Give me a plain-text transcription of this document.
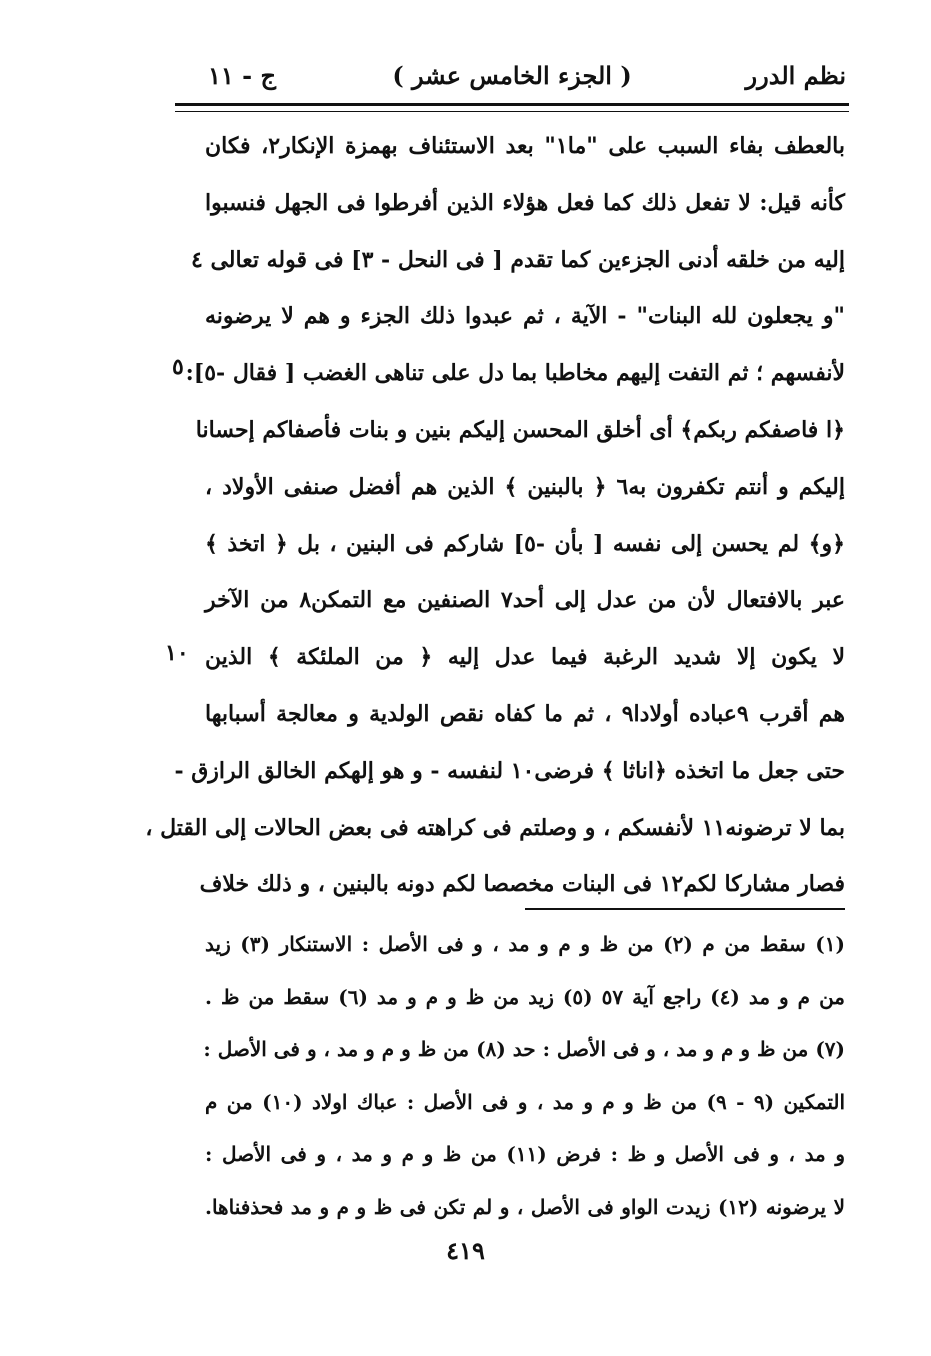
نظم الدرر
( الجزء الخامس عشر )
ج - ١١
بالعطف بفاء السبب على "ما١" بعد الاستئناف بهمزة الإنكار٢، فكان
كأنه قيل: لا تفعل ذلك كما فعل هؤلاء الذين أفرطوا فى الجهل فنسبوا
إليه من خلقه أدنى الجزءين كما تقدم [ فى النحل - ٣] فى قوله تعالى ٤
"و يجعلون لله البنات" - الآية ، ثم عبدوا ذلك الجزء و هم لا يرضونه
لأنفسهم ؛ ثم التفت إليهم مخاطبا بما دل على تناهى الغضب [ فقال -٥]:
﴿ا فاصفكم ربكم﴾ أى أخلق المحسن إليكم بنين و بنات فأصفاكم إحسانا
إليكم و أنتم تكفرون به٦ ﴿ بالبنين ﴾ الذين هم أفضل صنفى الأولاد ،
﴿و﴾ لم يحسن إلى نفسه [ بأن -٥] شاركم فى البنين ، بل ﴿ اتخذ ﴾
عبر بالافتعال لأن من عدل إلى أحد٧ الصنفين مع التمكن٨ من الآخر
لا يكون إلا شديد الرغبة فيما عدل إليه ﴿ من الملئكة ﴾ الذين
هم أقرب ٩عباده أولادا٩ ، ثم ما كفاه نقص الولدية و معالجة أسبابها
حتى جعل ما اتخذه ﴿اناثا ﴾ فرضى١٠ لنفسه - و هو إلهكم الخالق الرازق -
بما لا ترضونه١١ لأنفسكم ، و وصلتم فى كراهته فى بعض الحالات إلى القتل ،
فصار مشاركا لكم١٢ فى البنات مخصصا لكم دونه بالبنين ، و ذلك خلاف
٥
١٠
(١) سقط من م (٢) من ظ و م و مد ، و فى الأصل : الاستنكار (٣) زيد
من م و مد (٤) راجع آية ٥٧ (٥) زيد من ظ و م و مد (٦) سقط من ظ .
(٧) من ظ و م و مد ، و فى الأصل : حد (٨) من ظ و م و مد ، و فى الأصل :
التمكين (٩ - ٩) من ظ و م و مد ، و فى الأصل : عباك اولاد (١٠) من م
و مد ، و فى الأصل و ظ : فرض (١١) من ظ و م و مد ، و فى الأصل :
لا يرضونه (١٢) زيدت الواو فى الأصل ، و لم تكن فى ظ و م و مد فحذفناها.
٤١٩
